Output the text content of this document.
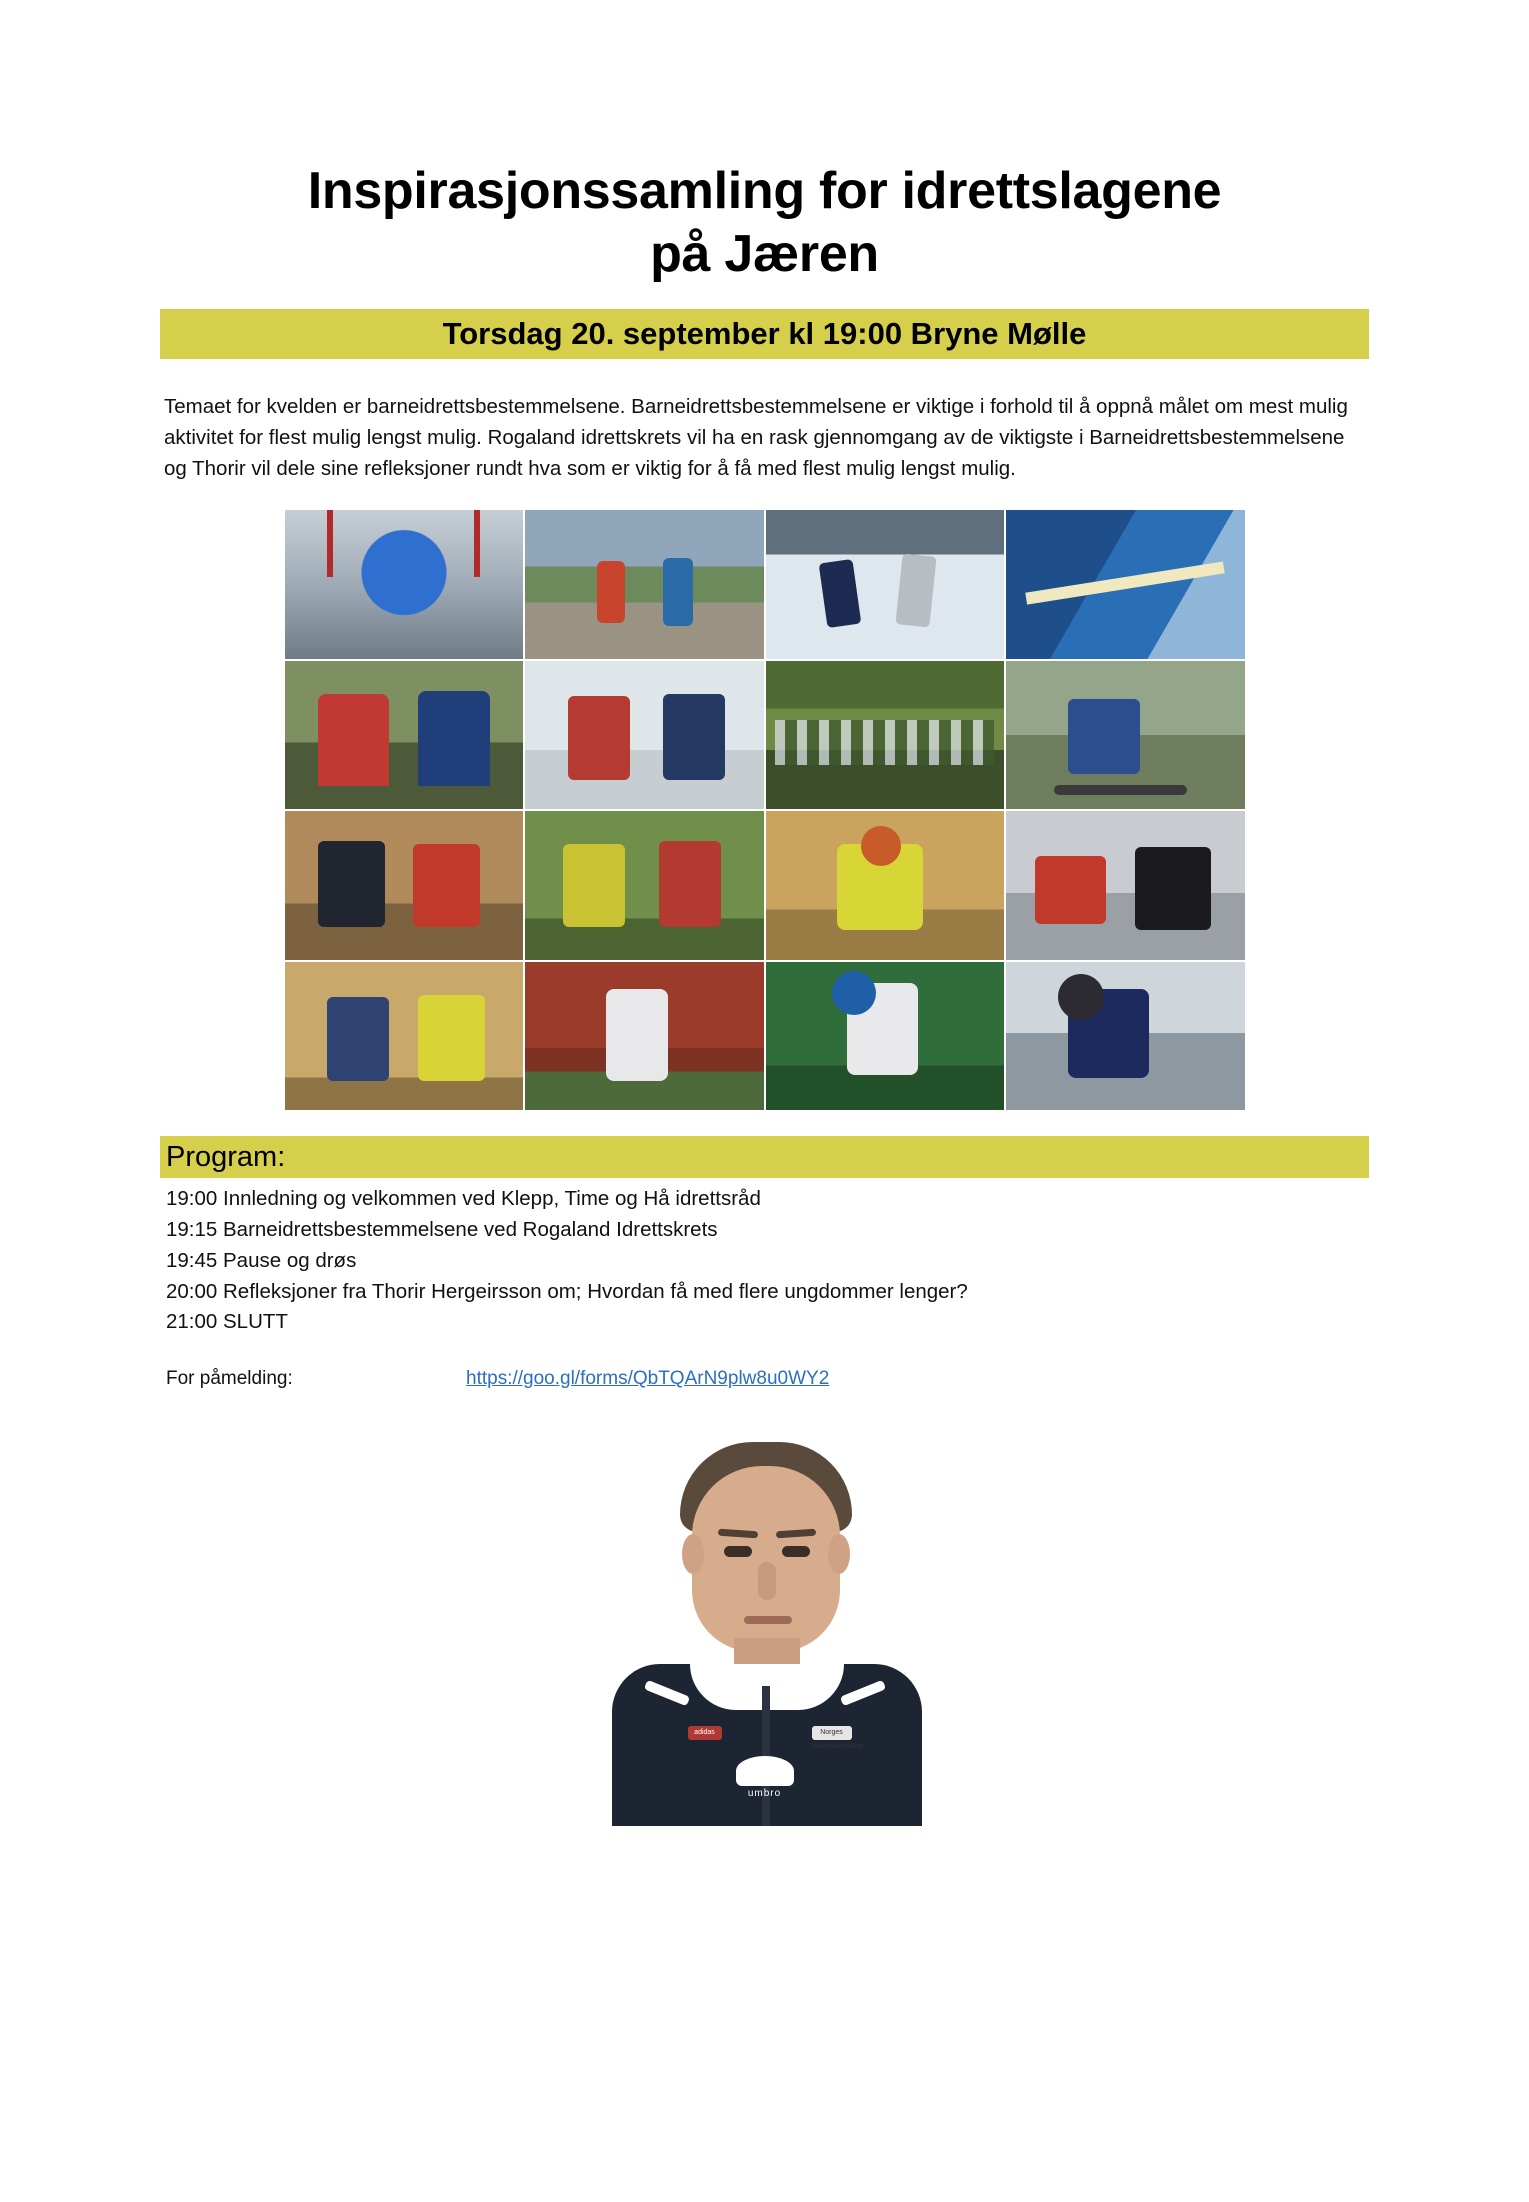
Inspirasjonssamling for idrettslagene
på Jæren
Torsdag 20. september kl 19:00 Bryne Mølle

Temaet for kvelden er barneidrettsbestemmelsene. Barneidrettsbestemmelsene er viktige i forhold til å oppnå målet om mest mulig aktivitet for flest mulig lengst mulig. Rogaland idrettskrets vil ha en rask gjennomgang av de viktigste i Barneidrettsbestemmelsene og Thorir vil dele sine refleksjoner rundt hva som er viktig for å få med flest mulig lengst mulig.

Program:
19:00 Innledning og velkommen ved Klepp, Time og Hå idrettsråd
19:15 Barneidrettsbestemmelsene ved Rogaland Idrettskrets
19:45 Pause og drøs
20:00 Refleksjoner fra Thorir Hergeirsson om; Hvordan få med flere ungdommer lenger?
21:00 SLUTT
For påmelding:	https://goo.gl/forms/QbTQArN9plw8u0WY2
adidas	Norges Håndballforbund
umbro
